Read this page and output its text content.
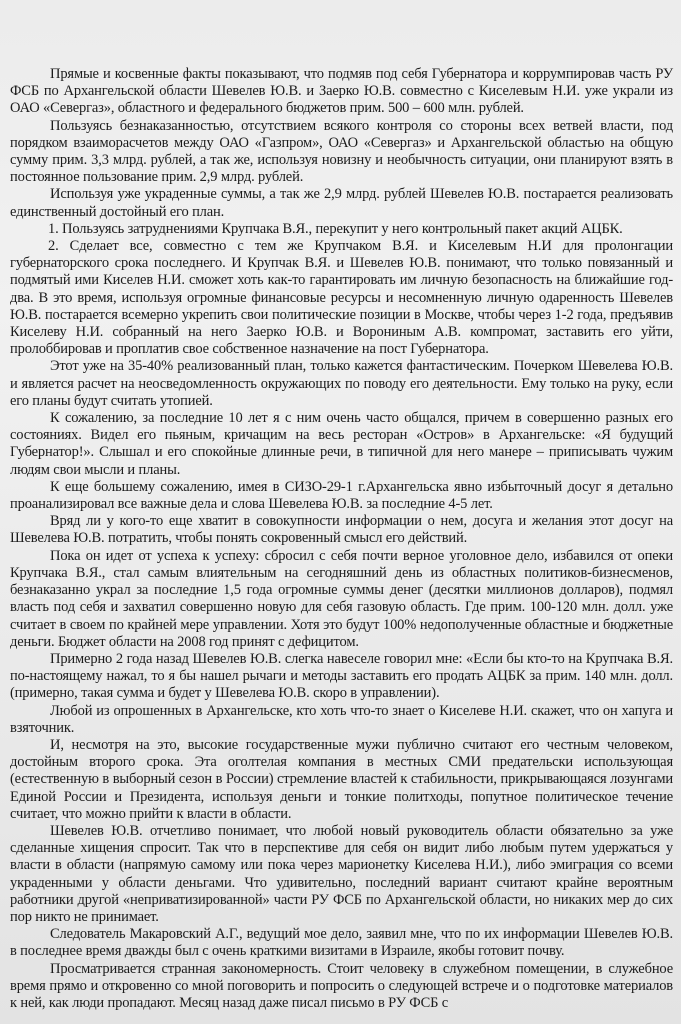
Прямые и косвенные факты показывают, что подмяв под себя Губернатора и коррумпировав часть РУ ФСБ по Архангельской области Шевелев Ю.В. и Заерко Ю.В. совместно с Киселевым Н.И. уже украли из ОАО «Севергаз», областного и федерального бюджетов прим. 500 – 600 млн. рублей.

Пользуясь безнаказанностью, отсутствием всякого контроля со стороны всех ветвей власти, под порядком взаиморасчетов между ОАО «Газпром», ОАО «Севергаз» и Архангельской областью на общую сумму прим. 3,3 млрд. рублей, а так же, используя новизну и необычность ситуации, они планируют взять в постоянное пользование прим. 2,9 млрд. рублей.

Используя уже украденные суммы, а так же 2,9 млрд. рублей Шевелев Ю.В. постарается реализовать единственный достойный его план.

1. Пользуясь затруднениями Крупчака В.Я., перекупит у него контрольный пакет акций АЦБК.

2. Сделает все, совместно с тем же Крупчаком В.Я. и Киселевым Н.И для пролонгации губернаторского срока последнего. И Крупчак В.Я. и Шевелев Ю.В. понимают, что только повязанный и подмятый ими Киселев Н.И. сможет хоть как-то гарантировать им личную безопасность на ближайшие год-два. В это время, используя огромные финансовые ресурсы и несомненную личную одаренность Шевелев Ю.В. постарается всемерно укрепить свои политические позиции в Москве, чтобы через 1-2 года, предъявив Киселеву Н.И. собранный на него Заерко Ю.В. и Ворониным А.В. компромат, заставить его уйти, пролоббировав и проплатив свое собственное назначение на пост Губернатора.

Этот уже на 35-40% реализованный план, только кажется фантастическим. Почерком Шевелева Ю.В. и является расчет на неосведомленность окружающих по поводу его деятельности. Ему только на руку, если его планы будут считать утопией.

К сожалению, за последние 10 лет я с ним очень часто общался, причем в совершенно разных его состояниях. Видел его пьяным, кричащим на весь ресторан «Остров» в Архангельске: «Я будущий Губернатор!». Слышал и его спокойные длинные речи, в типичной для него манере – приписывать чужим людям свои мысли и планы.

К еще большему сожалению, имея в СИЗО-29-1 г.Архангельска явно избыточный досуг я детально проанализировал все важные дела и слова Шевелева Ю.В. за последние 4-5 лет.

Вряд ли у кого-то еще хватит в совокупности информации о нем, досуга и желания этот досуг на Шевелева Ю.В. потратить, чтобы понять сокровенный смысл его действий.

Пока он идет от успеха к успеху: сбросил с себя почти верное уголовное дело, избавился от опеки Крупчака В.Я., стал самым влиятельным на сегодняшний день из областных политиков-бизнесменов, безнаказанно украл за последние 1,5 года огромные суммы денег (десятки миллионов долларов), подмял власть под себя и захватил совершенно новую для себя газовую область. Где прим. 100-120 млн. долл. уже считает в своем по крайней мере управлении. Хотя это будут 100% недополученные областные и бюджетные деньги. Бюджет области на 2008 год принят с дефицитом.

Примерно 2 года назад Шевелев Ю.В. слегка навеселе говорил мне: «Если бы кто-то на Крупчака В.Я. по-настоящему нажал, то я бы нашел рычаги и методы заставить его продать АЦБК за прим. 140 млн. долл. (примерно, такая сумма и будет у Шевелева Ю.В. скоро в управлении).

Любой из опрошенных в Архангельске, кто хоть что-то знает о Киселеве Н.И. скажет, что он хапуга и взяточник.

И, несмотря на это, высокие государственные мужи публично считают его честным человеком, достойным второго срока. Эта оголтелая компания в местных СМИ предательски использующая (естественную в выборный сезон в России) стремление властей к стабильности, прикрывающаяся лозунгами Единой России и Президента, используя деньги и тонкие политходы, попутное политическое течение считает, что можно прийти к власти в области.

Шевелев Ю.В. отчетливо понимает, что любой новый руководитель области обязательно за уже сделанные хищения спросит. Так что в перспективе для себя он видит либо любым путем удержаться у власти в области (напрямую самому или пока через марионетку Киселева Н.И.), либо эмиграция со всеми украденными у области деньгами. Что удивительно, последний вариант считают крайне вероятным работники другой «неприватизированной» части РУ ФСБ по Архангельской области, но никаких мер до сих пор никто не принимает.

Следователь Макаровский А.Г., ведущий мое дело, заявил мне, что по их информации Шевелев Ю.В. в последнее время дважды был с очень краткими визитами в Израиле, якобы готовит почву.

Просматривается странная закономерность. Стоит человеку в служебном помещении, в служебное время прямо и откровенно со мной поговорить и попросить о следующей встрече и о подготовке материалов к ней, как люди пропадают. Месяц назад даже писал письмо в РУ ФСБ с
